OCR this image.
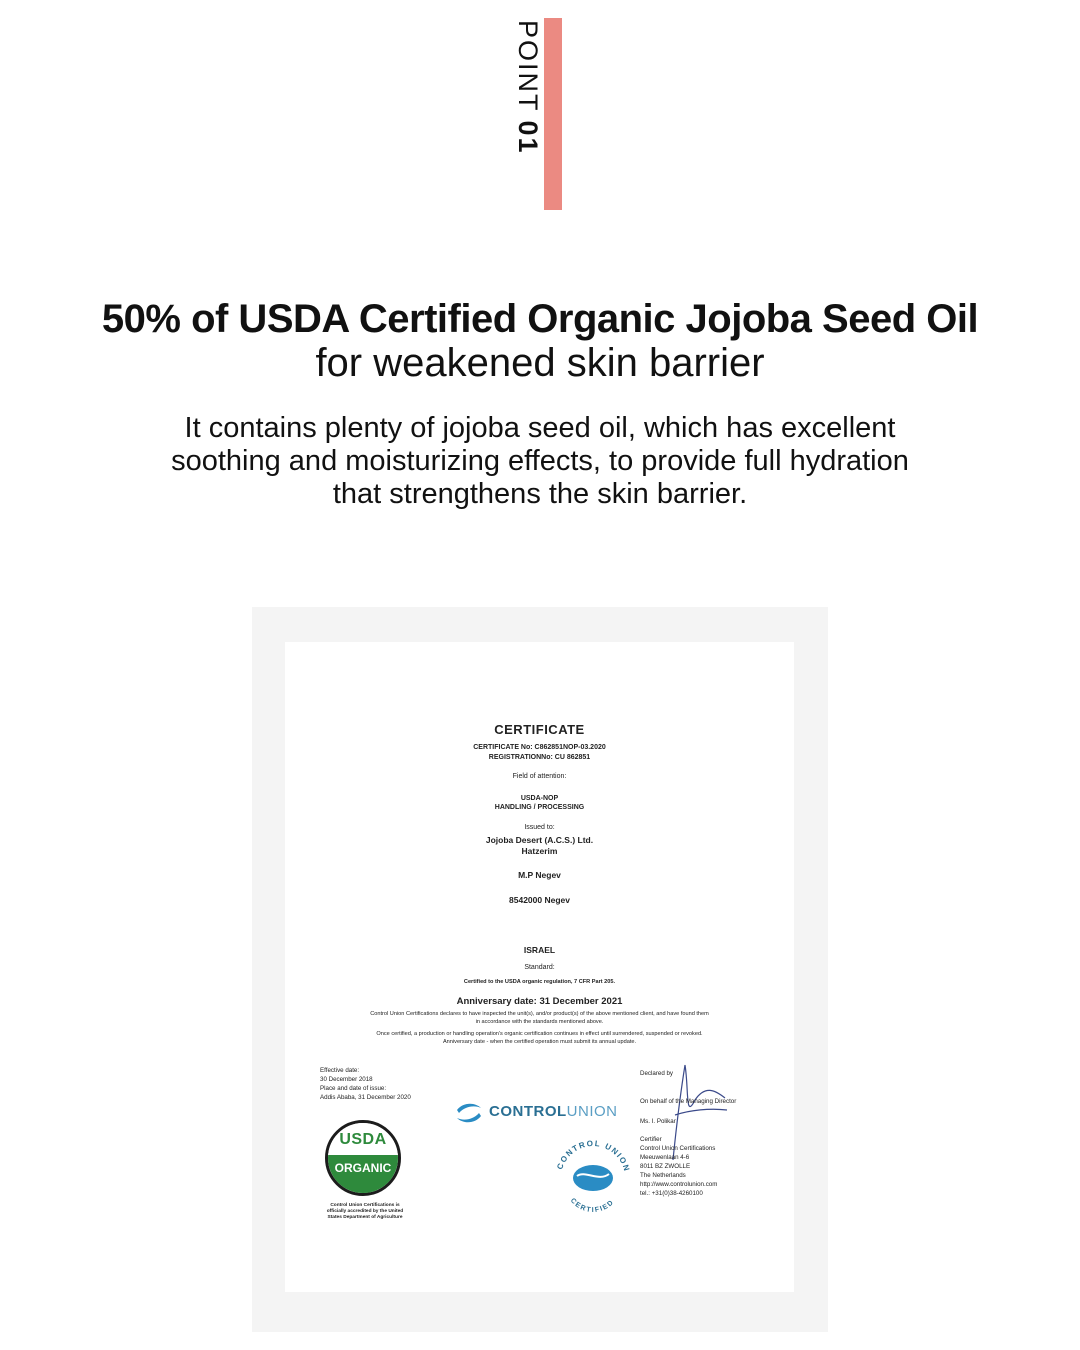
POINT01
50% of USDA Certified Organic Jojoba Seed Oil
for weakened skin barrier
It contains plenty of jojoba seed oil, which has excellent
soothing and moisturizing effects, to provide full hydration
that strengthens the skin barrier.
CERTIFICATE
CERTIFICATE No: C862851NOP-03.2020
REGISTRATIONNo: CU 862851
Field of attention:
USDA-NOP
HANDLING / PROCESSING
Issued to:
Jojoba Desert (A.C.S.) Ltd.
Hatzerim
M.P Negev
8542000 Negev
ISRAEL
Standard:
Certified to the USDA organic regulation, 7 CFR Part 205.
Anniversary date: 31 December 2021
Control Union Certifications declares to have inspected the unit(s), and/or product(s) of the above mentioned client, and have found them
in accordance with the standards mentioned above.
Once certified, a production or handling operation's organic certification continues in effect until surrendered, suspended or revoked.
Anniversary date - when the certified operation must submit its annual update.
Effective date:
30 December 2018
Place and date of issue:
Addis Ababa, 31 December 2020
USDA
ORGANIC
Control Union Certifications is
officially accredited by the United
States Department of Agriculture
CONTROLUNION
CONTROL UNION
CERTIFIED
Declared by
On behalf of the Managing Director
Ms. I. Polikar
Certifier
Control Union Certifications
Meeuwenlaan 4-6
8011 BZ ZWOLLE
The Netherlands
http://www.controlunion.com
tel.: +31(0)38-4260100
